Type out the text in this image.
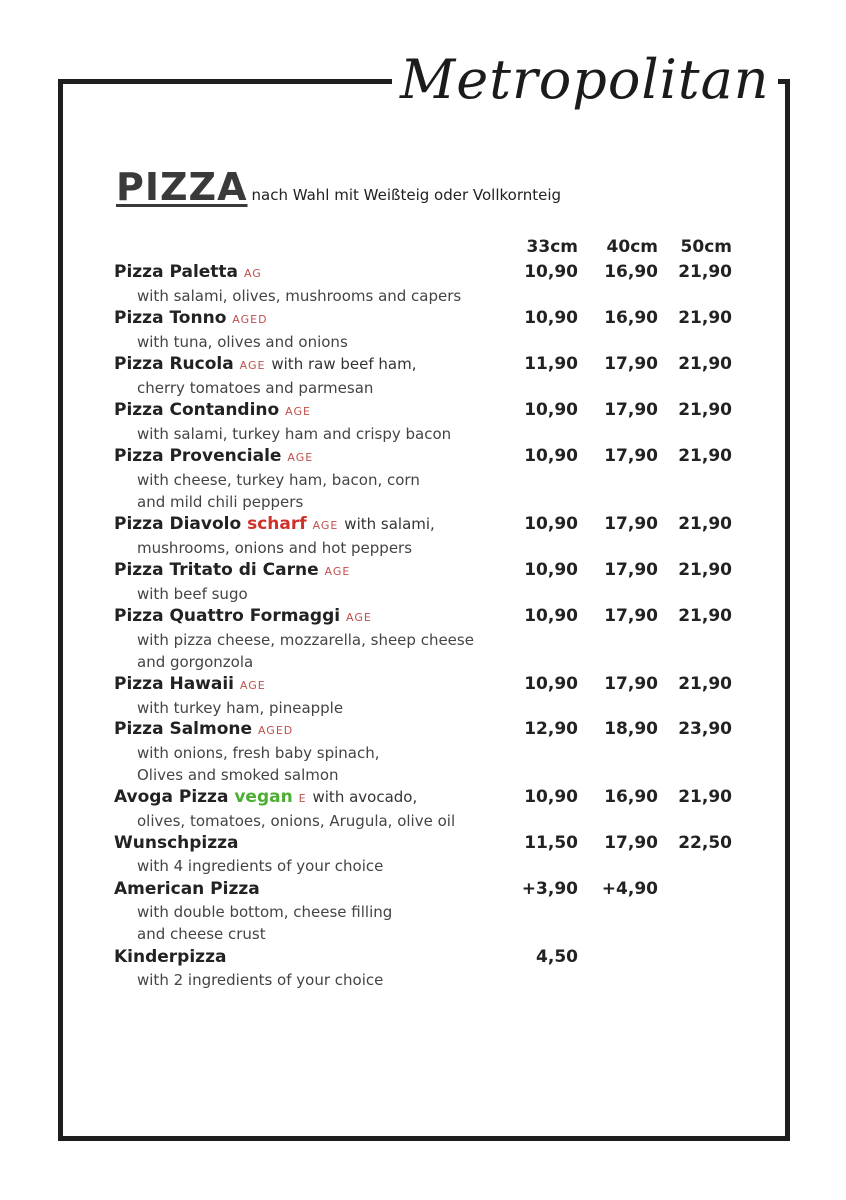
Metropolitan
PIZZA nach Wahl mit Weißteig oder Vollkornteig
33cm	40cm	50cm
Pizza Paletta AG
with salami, olives, mushrooms and capers
10,90	16,90	21,90
Pizza Tonno AGED
with tuna, olives and onions
10,90	16,90	21,90
Pizza Rucola AGE with raw beef ham,
cherry tomatoes and parmesan
11,90	17,90	21,90
Pizza Contandino AGE
with salami, turkey ham and crispy bacon
10,90	17,90	21,90
Pizza Provenciale AGE
with cheese, turkey ham, bacon, corn
and mild chili peppers
10,90	17,90	21,90
Pizza Diavolo scharf AGE with salami,
mushrooms, onions and hot peppers
10,90	17,90	21,90
Pizza Tritato di Carne AGE
with beef sugo
10,90	17,90	21,90
Pizza Quattro Formaggi AGE
with pizza cheese, mozzarella, sheep cheese
and gorgonzola
10,90	17,90	21,90
Pizza Hawaii AGE
with turkey ham, pineapple
10,90	17,90	21,90
Pizza Salmone AGED
with onions, fresh baby spinach,
Olives and smoked salmon
12,90	18,90	23,90
Avoga Pizza vegan E with avocado,
olives, tomatoes, onions, Arugula, olive oil
10,90	16,90	21,90
Wunschpizza
with 4 ingredients of your choice
11,50	17,90	22,50
American Pizza
with double bottom, cheese filling
and cheese crust
+3,90	+4,90
Kinderpizza
with 2 ingredients of your choice
4,50
